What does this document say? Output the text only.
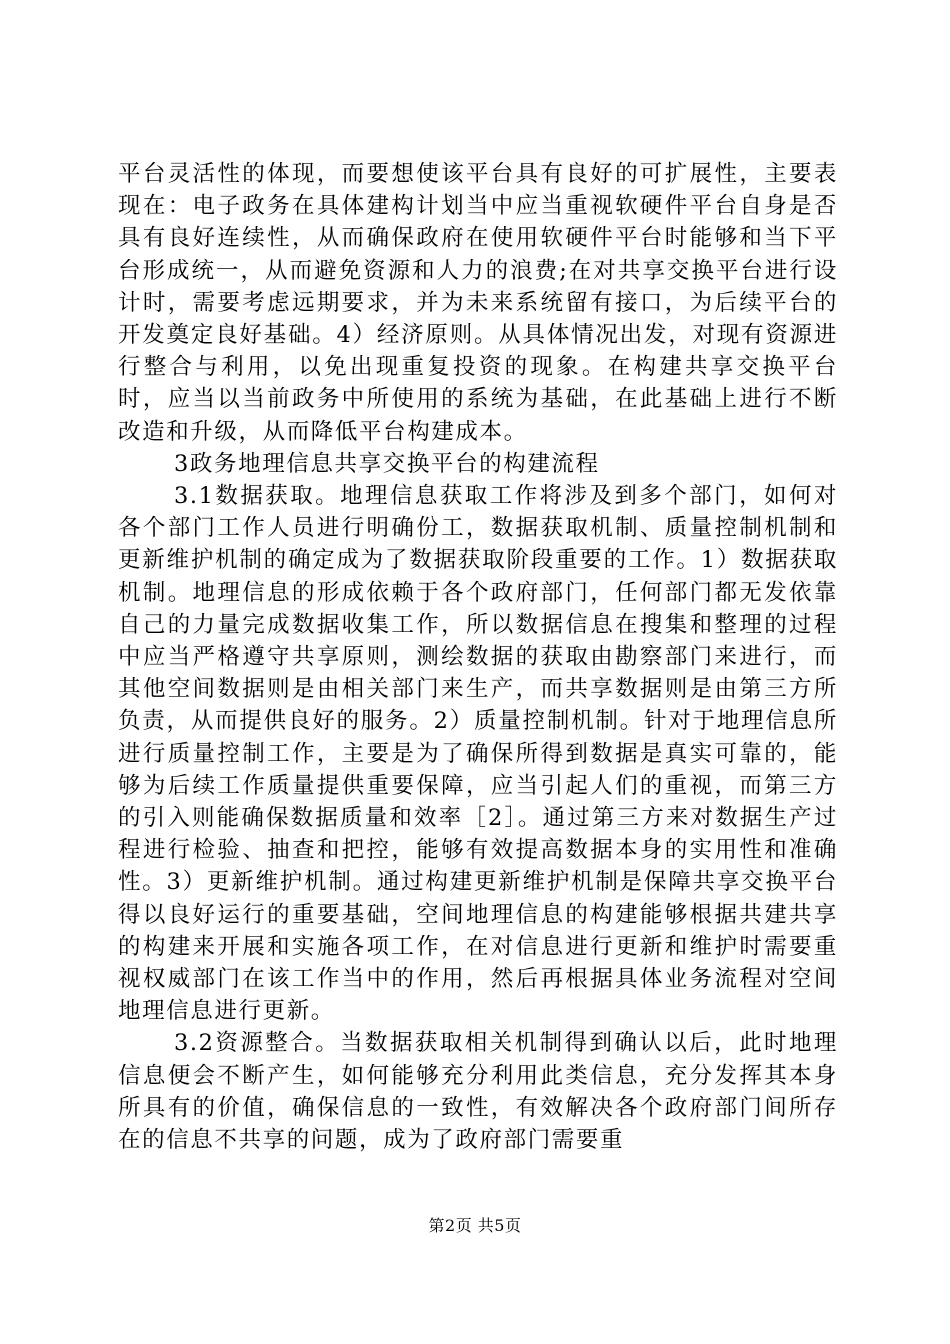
平台灵活性的体现，而要想使该平台具有良好的可扩展性，主要表现在：电子政务在具体建构计划当中应当重视软硬件平台自身是否具有良好连续性，从而确保政府在使用软硬件平台时能够和当下平台形成统一，从而避免资源和人力的浪费;在对共享交换平台进行设计时，需要考虑远期要求，并为未来系统留有接口，为后续平台的开发奠定良好基础。4）经济原则。从具体情况出发，对现有资源进行整合与利用，以免出现重复投资的现象。在构建共享交换平台时，应当以当前政务中所使用的系统为基础，在此基础上进行不断改造和升级，从而降低平台构建成本。

3政务地理信息共享交换平台的构建流程

3.1数据获取。地理信息获取工作将涉及到多个部门，如何对各个部门工作人员进行明确份工，数据获取机制、质量控制机制和更新维护机制的确定成为了数据获取阶段重要的工作。1）数据获取机制。地理信息的形成依赖于各个政府部门，任何部门都无发依靠自己的力量完成数据收集工作，所以数据信息在搜集和整理的过程中应当严格遵守共享原则，测绘数据的获取由勘察部门来进行，而其他空间数据则是由相关部门来生产，而共享数据则是由第三方所负责，从而提供良好的服务。2）质量控制机制。针对于地理信息所进行质量控制工作，主要是为了确保所得到数据是真实可靠的，能够为后续工作质量提供重要保障，应当引起人们的重视，而第三方的引入则能确保数据质量和效率［2］。通过第三方来对数据生产过程进行检验、抽查和把控，能够有效提高数据本身的实用性和准确性。3）更新维护机制。通过构建更新维护机制是保障共享交换平台得以良好运行的重要基础，空间地理信息的构建能够根据共建共享的构建来开展和实施各项工作，在对信息进行更新和维护时需要重视权威部门在该工作当中的作用，然后再根据具体业务流程对空间地理信息进行更新。

3.2资源整合。当数据获取相关机制得到确认以后，此时地理信息便会不断产生，如何能够充分利用此类信息，充分发挥其本身所具有的价值，确保信息的一致性，有效解决各个政府部门间所存在的信息不共享的问题，成为了政府部门需要重

第2页 共5页
